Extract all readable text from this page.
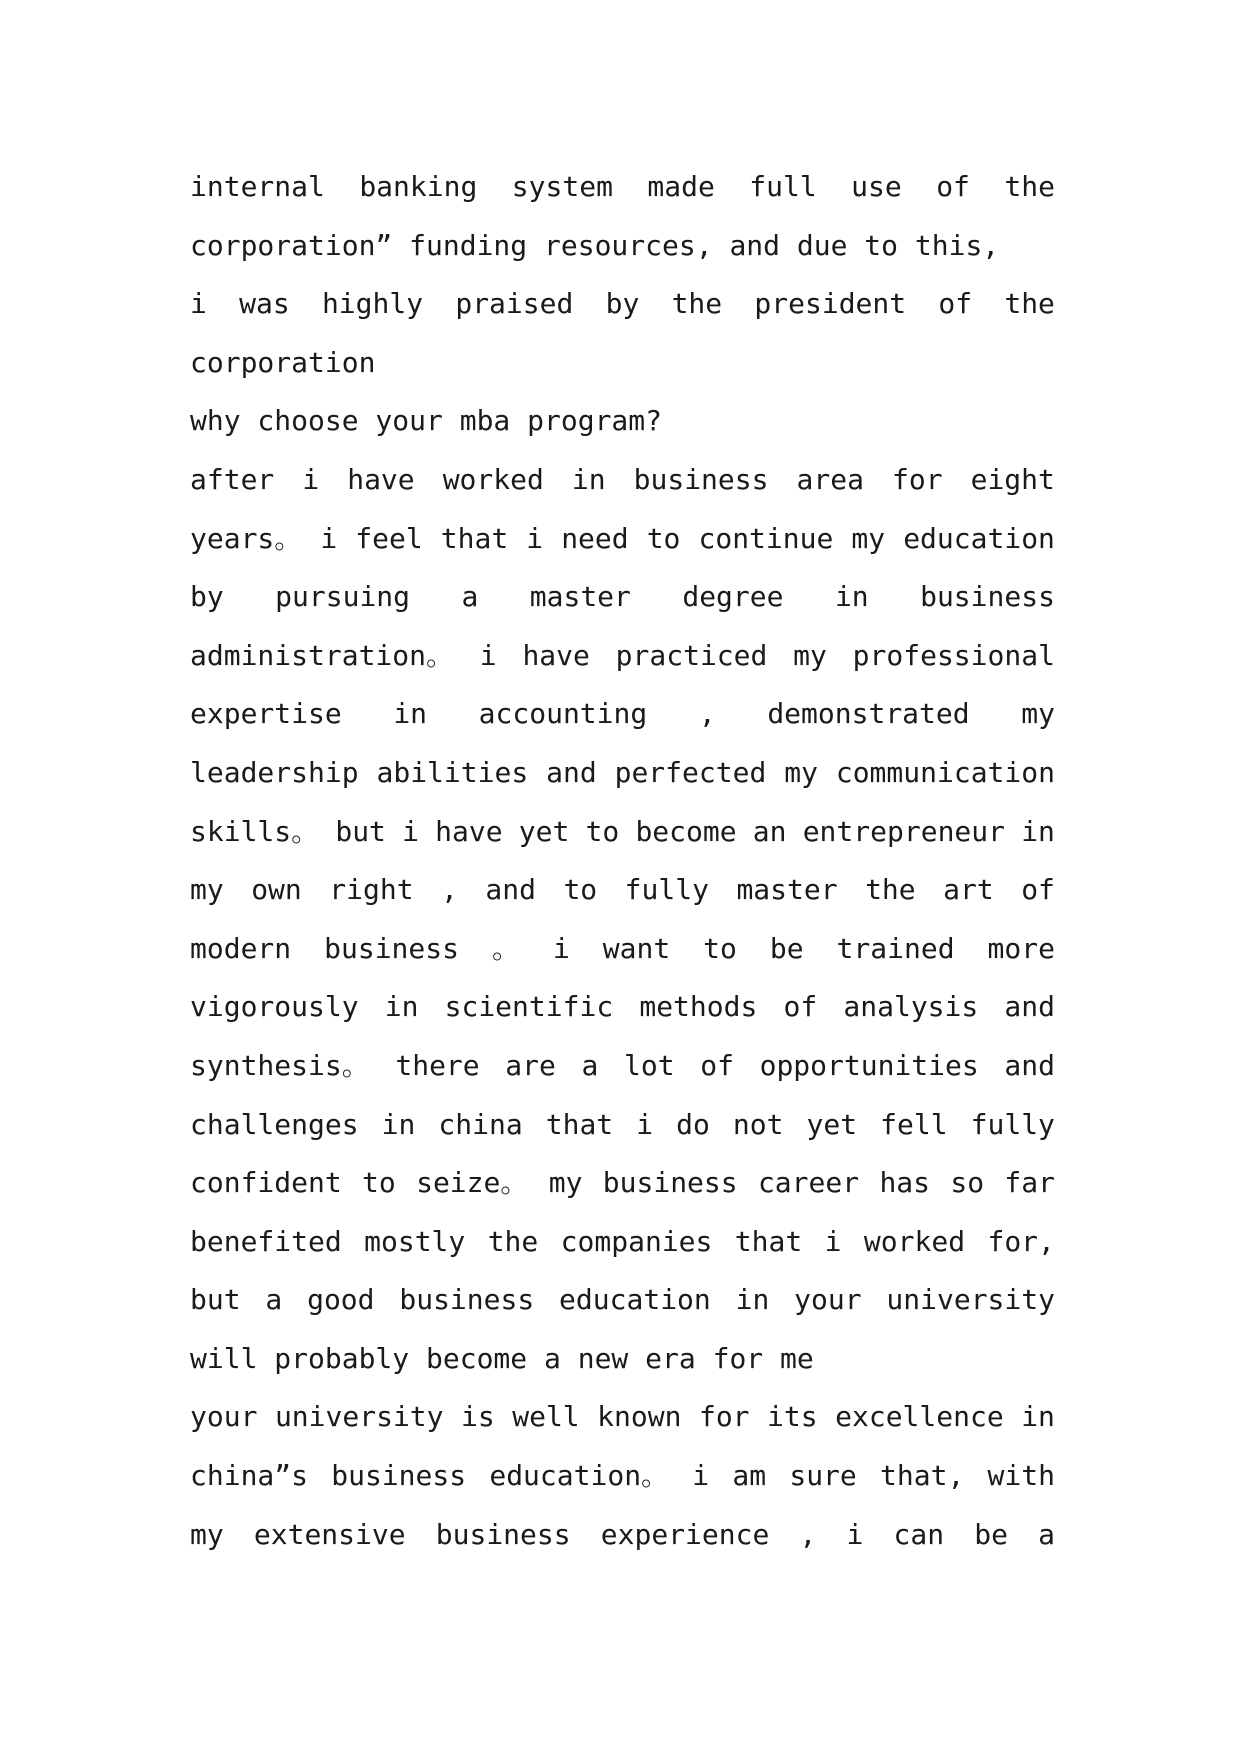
internal banking system made full use of the
corporation” funding resources, and due to this,
i was highly praised by the president of the
corporation
why choose your mba program?
after i have worked in business area for eight
years。 i feel that i need to continue my education
by pursuing a master degree in business
administration。 i have practiced my professional
expertise in accounting , demonstrated my
leadership abilities and perfected my communication
skills。 but i have yet to become an entrepreneur in
my own right , and to fully master the art of
modern business 。 i want to be trained more
vigorously in scientific methods of analysis and
synthesis。 there are a lot of opportunities and
challenges in china that i do not yet fell fully
confident to seize。 my business career has so far
benefited mostly the companies that i worked for,
but a good business education in your university
will probably become a new era for me
your university is well known for its excellence in
china”s business education。 i am sure that, with
my extensive business experience , i can be a
